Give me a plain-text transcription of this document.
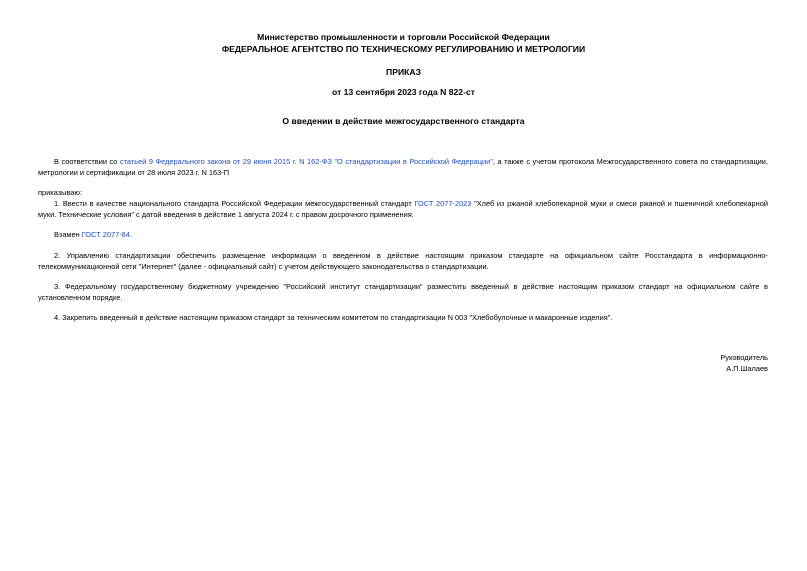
Министерство промышленности и торговли Российской Федерации
ФЕДЕРАЛЬНОЕ АГЕНТСТВО ПО ТЕХНИЧЕСКОМУ РЕГУЛИРОВАНИЮ И МЕТРОЛОГИИ
ПРИКАЗ
от 13 сентября 2023 года N 822-ст
О введении в действие межгосударственного стандарта
В соответствии со статьей 9 Федерального закона от 29 июня 2015 г. N 162-ФЗ "О стандартизации в Российской Федерации", а также с учетом протокола Межгосударственного совета по стандартизации, метрологии и сертификации от 28 июля 2023 г. N 163-П
приказываю:
1. Ввести в качестве национального стандарта Российской Федерации межгосударственный стандарт ГОСТ 2077-2023 "Хлеб из ржаной хлебопекарной муки и смеси ржаной и пшеничной хлебопекарной муки. Технические условия" с датой введения в действие 1 августа 2024 г. с правом досрочного применения.
Взамен ГОСТ 2077-84.
2. Управлению стандартизации обеспечить размещение информации о введенном в действие настоящим приказом стандарте на официальном сайте Росстандарта в информационно-телекоммуникационной сети "Интернет" (далее - официальный сайт) с учетом действующего законодательства о стандартизации.
3. Федеральному государственному бюджетному учреждению "Российский институт стандартизации" разместить введенный в действие настоящим приказом стандарт на официальном сайте в установленном порядке.
4. Закрепить введенный в действие настоящим приказом стандарт за техническим комитетом по стандартизации N 003 "Хлебобулочные и макаронные изделия".
Руководитель
А.П.Шалаев
